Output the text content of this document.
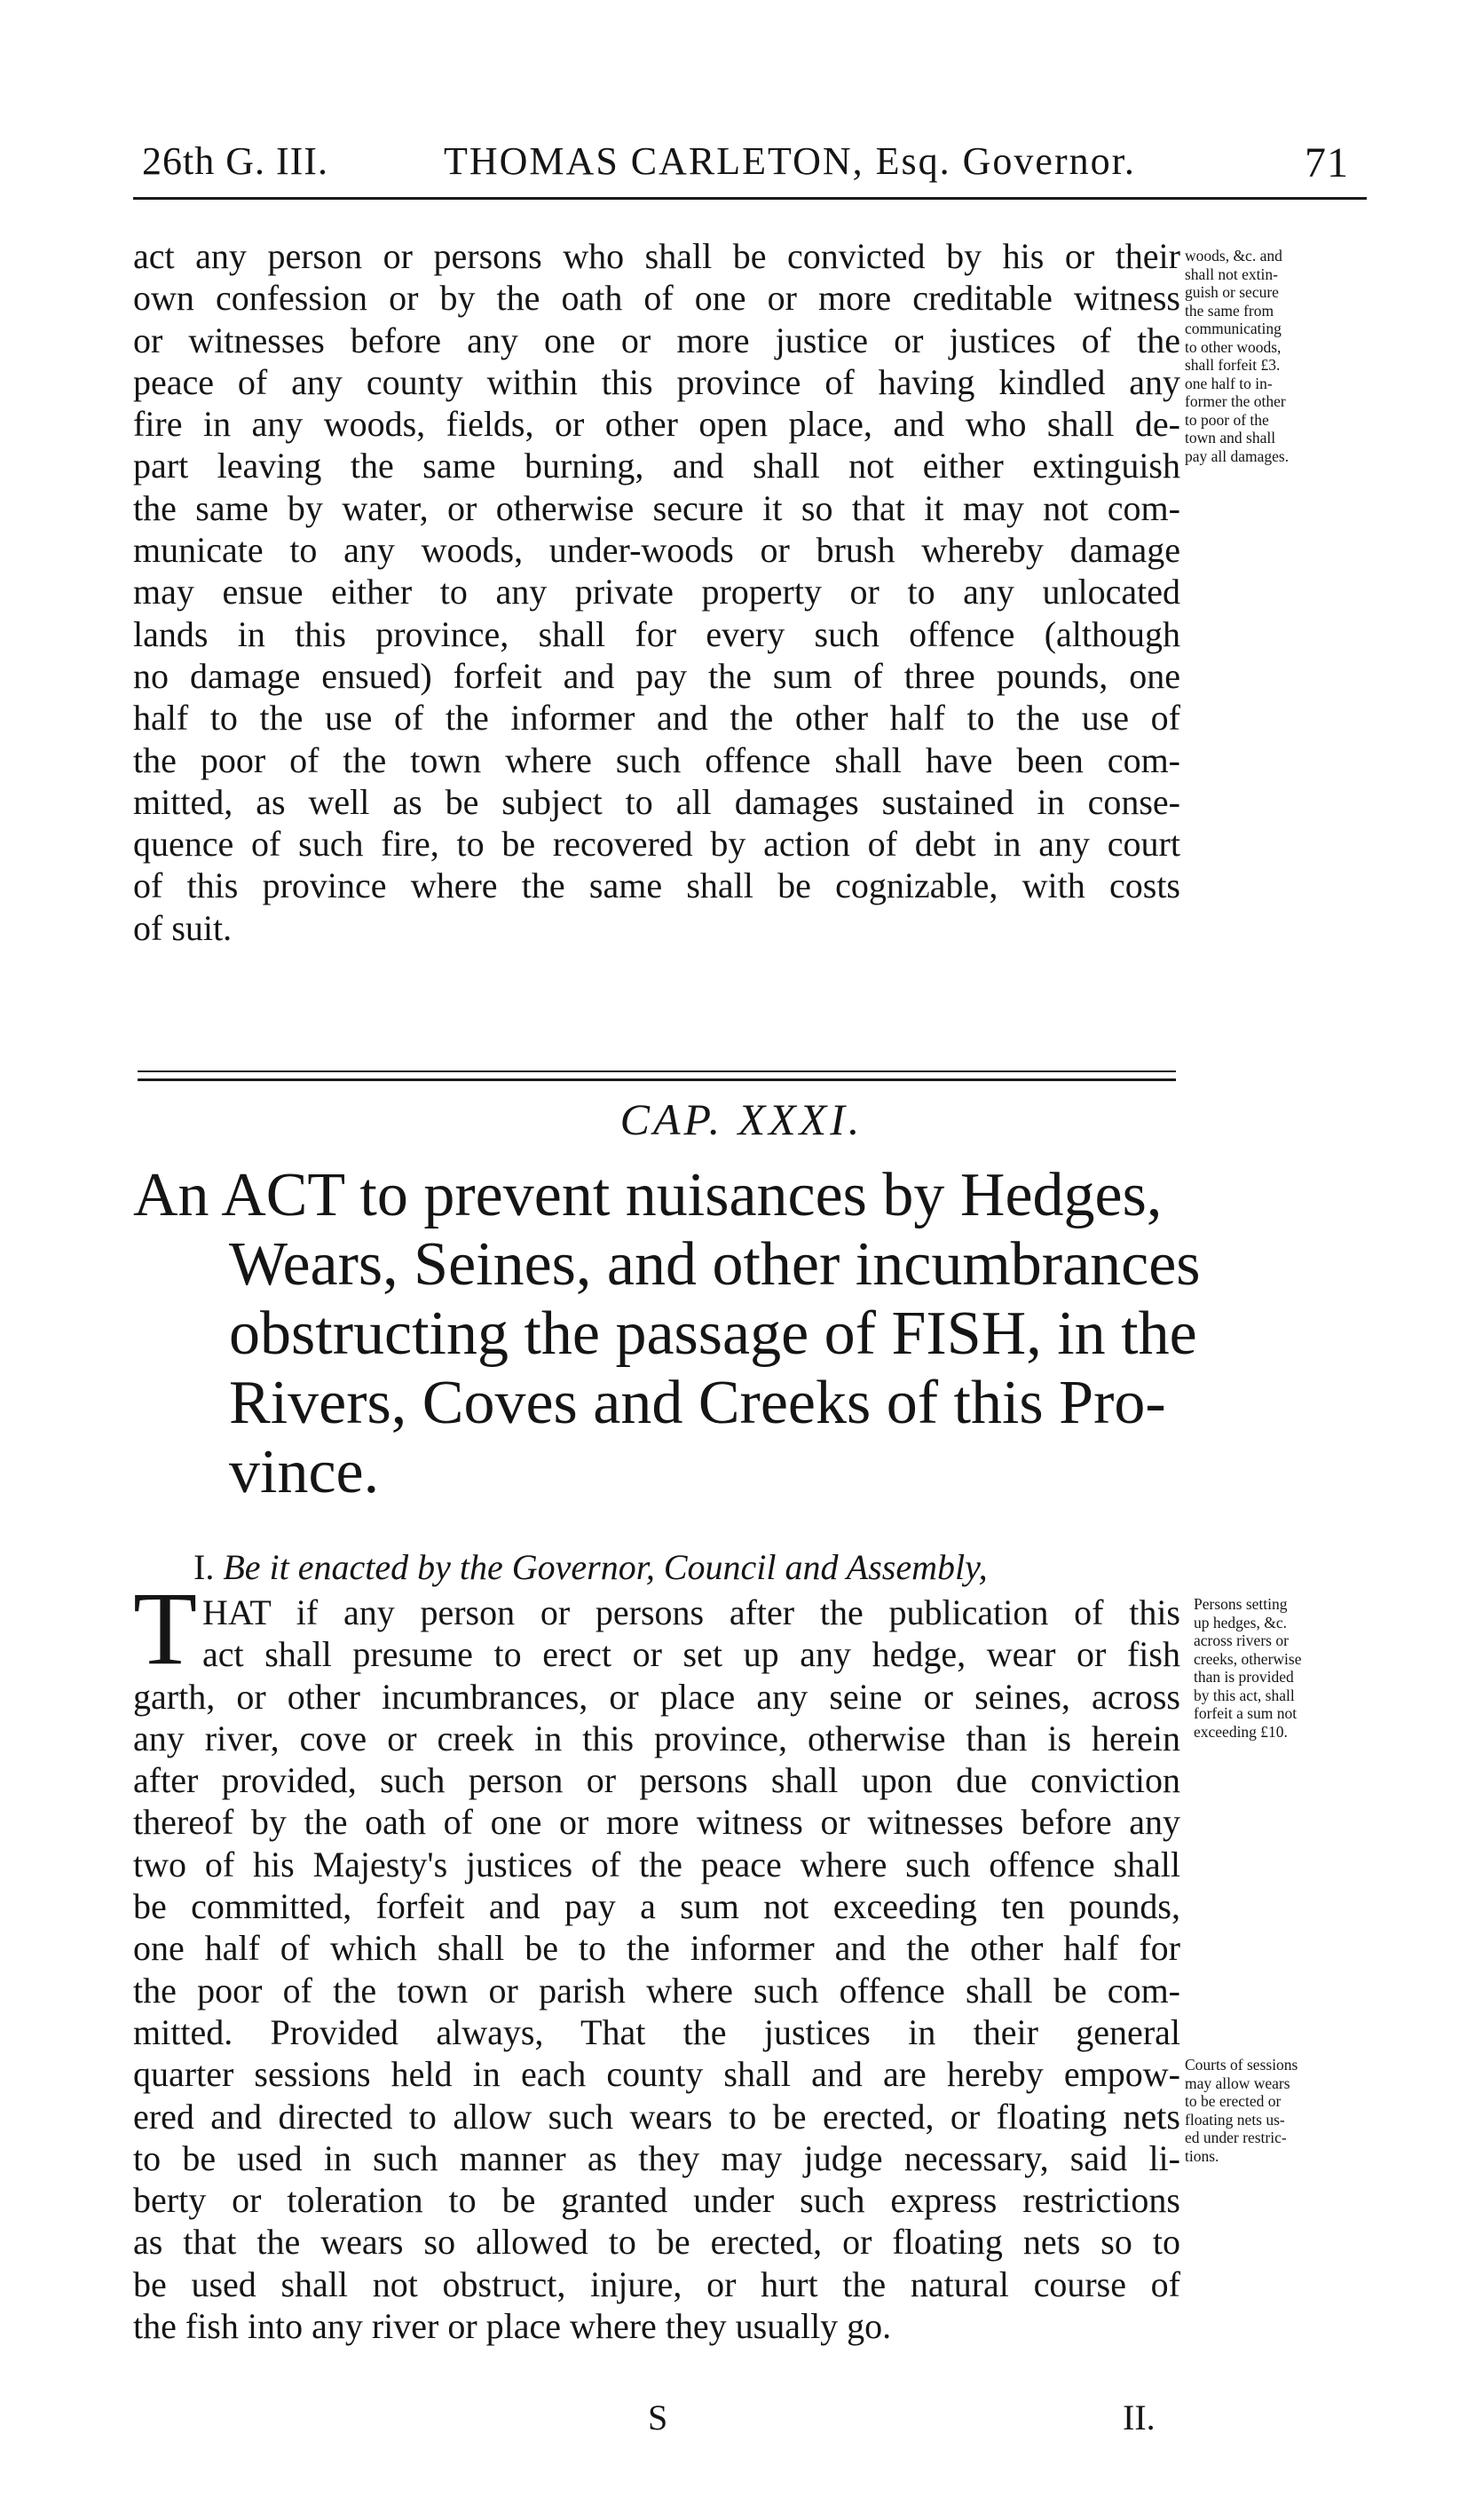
26th G. III.	THOMAS CARLETON, Esq. Governor.	71
act any person or persons who shall be convicted by his or their
own confession or by the oath of one or more creditable witness
or witnesses before any one or more justice or justices of the
peace of any county within this province of having kindled any
fire in any woods, fields, or other open place, and who shall de-
part leaving the same burning, and shall not either extinguish
the same by water, or otherwise secure it so that it may not com-
municate to any woods, under-woods or brush whereby damage
may ensue either to any private property or to any unlocated
lands in this province, shall for every such offence (although
no damage ensued) forfeit and pay the sum of three pounds, one
half to the use of the informer and the other half to the use of
the poor of the town where such offence shall have been com-
mitted, as well as be subject to all damages sustained in conse-
quence of such fire, to be recovered by action of debt in any court
of this province where the same shall be cognizable, with costs
of suit.
woods, &c. and
shall not extin-
guish or secure
the same from
communicating
to other woods,
shall forfeit £3.
one half to in-
former the other
to poor of the
town and shall
pay all damages.
CAP. XXXI.
An ACT to prevent nuisances by Hedges,
Wears, Seines, and other incumbrances
obstructing the passage of FISH, in the
Rivers, Coves and Creeks of this Pro-
vince.
I. Be it enacted by the Governor, Council and Assembly,
T HAT if any person or persons after the publication of this
act shall presume to erect or set up any hedge, wear or fish
garth, or other incumbrances, or place any seine or seines, across
any river, cove or creek in this province, otherwise than is herein
after provided, such person or persons shall upon due conviction
thereof by the oath of one or more witness or witnesses before any
two of his Majesty's justices of the peace where such offence shall
be committed, forfeit and pay a sum not exceeding ten pounds,
one half of which shall be to the informer and the other half for
the poor of the town or parish where such offence shall be com-
mitted. Provided always, That the justices in their general
quarter sessions held in each county shall and are hereby empow-
ered and directed to allow such wears to be erected, or floating nets
to be used in such manner as they may judge necessary, said li-
berty or toleration to be granted under such express restrictions
as that the wears so allowed to be erected, or floating nets so to
be used shall not obstruct, injure, or hurt the natural course of
the fish into any river or place where they usually go.
Persons setting
up hedges, &c.
across rivers or
creeks, otherwise
than is provided
by this act, shall
forfeit a sum not
exceeding £10.
Courts of sessions
may allow wears
to be erected or
floating nets us-
ed under restric-
tions.
S	II.
